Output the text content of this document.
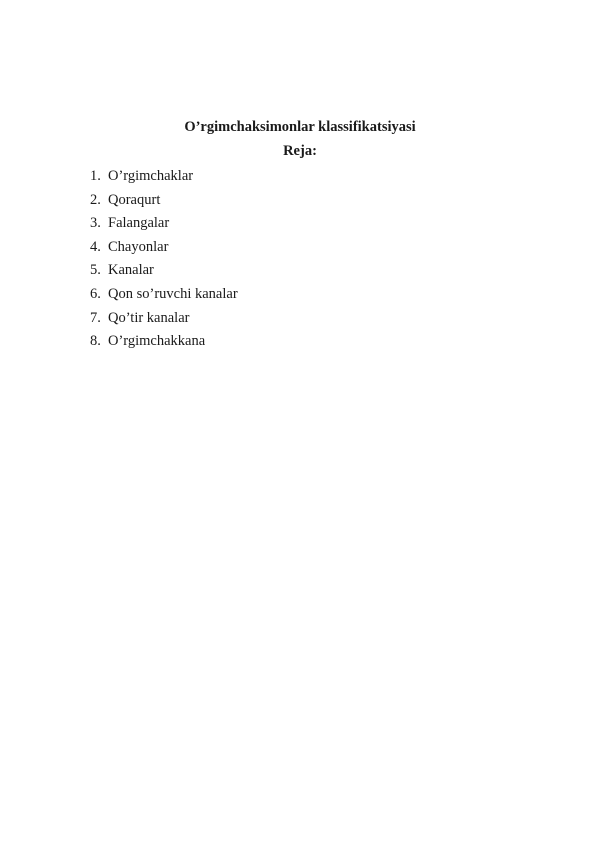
O’rgimchaksimonlar klassifikatsiyasi
Reja:
1. O’rgimchaklar
2. Qoraqurt
3. Falangalar
4. Chayonlar
5. Kanalar
6. Qon so’ruvchi kanalar
7. Qo’tir kanalar
8. O’rgimchakkana
